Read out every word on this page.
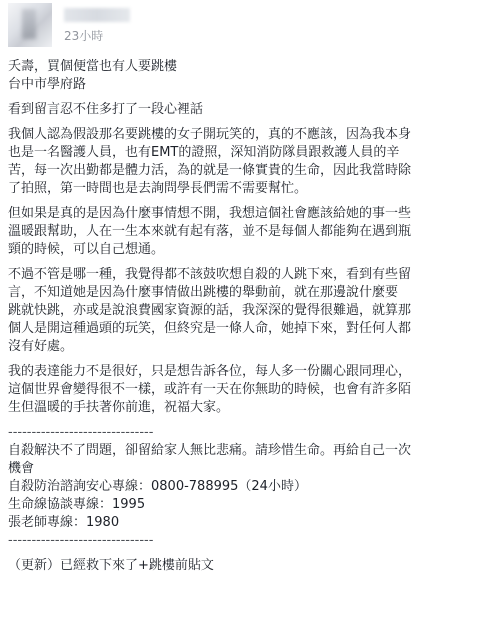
23小時
夭壽，買個便當也有人要跳樓
台中市學府路
看到留言忍不住多打了一段心裡話
我個人認為假設那名要跳樓的女子開玩笑的，真的不應該，因為我本身
也是一名醫護人員，也有EMT的證照，深知消防隊員跟救護人員的辛
苦，每一次出勤都是體力活，為的就是一條實貴的生命，因此我當時除
了拍照，第一時間也是去詢問學長們需不需要幫忙。
但如果是真的是因為什麼事情想不開，我想這個社會應該給她的事一些
溫暖跟幫助，人在一生本來就有起有落，並不是每個人都能夠在遇到瓶
頸的時候，可以自己想通。
不過不管是哪一種，我覺得都不該鼓吹想自殺的人跳下來，看到有些留
言，不知道她是因為什麼事情做出跳樓的舉動前，就在那邊說什麼要
跳就快跳，亦或是說浪費國家資源的話，我深深的覺得很難過，就算那
個人是開這種過頭的玩笑，但終究是一條人命，她掉下來，對任何人都
沒有好處。
我的表達能力不是很好，只是想告訴各位，每人多一份關心跟同理心，
這個世界會變得很不一樣，或許有一天在你無助的時候，也會有許多陌
生但溫暖的手扶著你前進，祝福大家。
-------------------------------
自殺解決不了問題，卻留給家人無比悲痛。請珍惜生命。再給自己一次
機會
自殺防治諮詢安心專線：0800-788995（24小時）
生命線協談專線：1995
張老師專線：1980
-------------------------------
（更新）已經救下來了+跳樓前貼文
